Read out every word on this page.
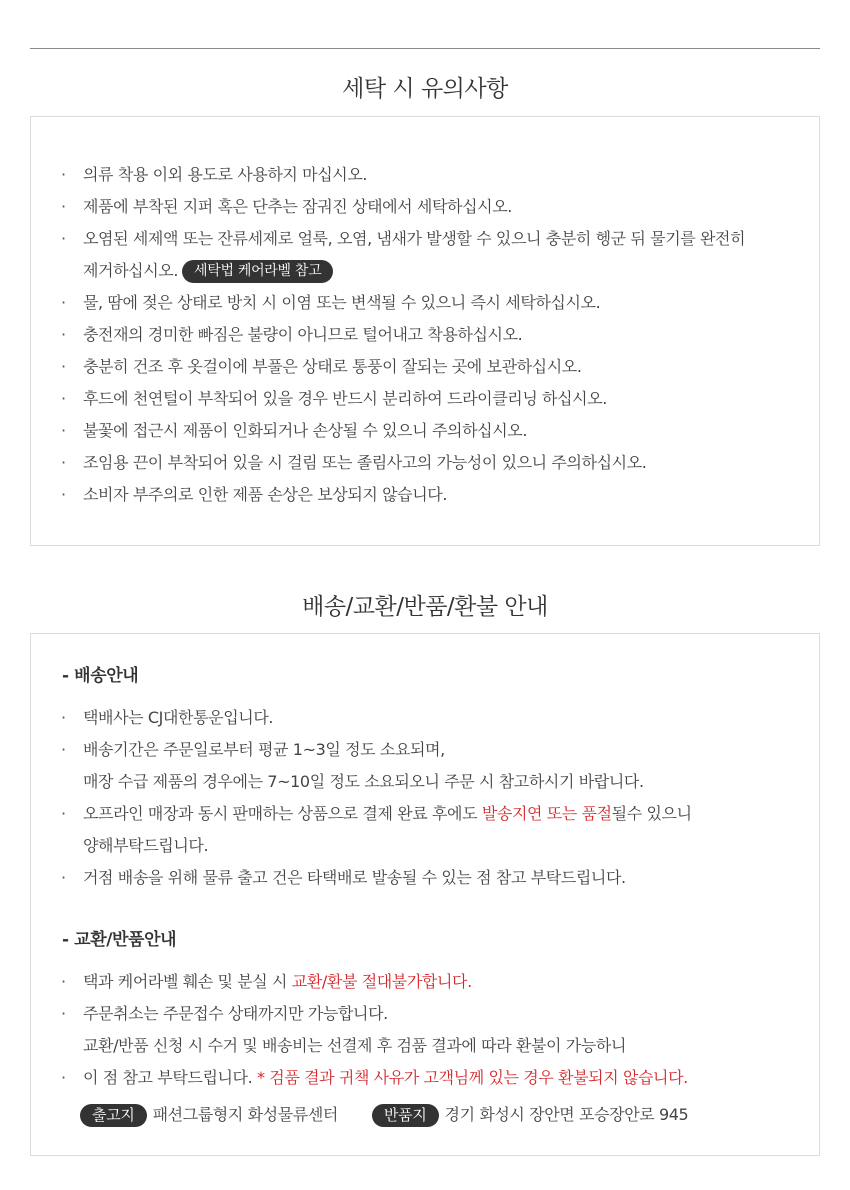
세탁 시 유의사항
· 의류 착용 이외 용도로 사용하지 마십시오.
· 제품에 부착된 지퍼 혹은 단추는 잠궈진 상태에서 세탁하십시오.
· 오염된 세제액 또는 잔류세제로 얼룩, 오염, 냄새가 발생할 수 있으니 충분히 헹군 뒤 물기를 완전히
제거하십시오. 세탁법 케어라벨 참고
· 물, 땀에 젖은 상태로 방치 시 이염 또는 변색될 수 있으니 즉시 세탁하십시오.
· 충전재의 경미한 빠짐은 불량이 아니므로 털어내고 착용하십시오.
· 충분히 건조 후 옷걸이에 부풀은 상태로 통풍이 잘되는 곳에 보관하십시오.
· 후드에 천연털이 부착되어 있을 경우 반드시 분리하여 드라이클리닝 하십시오.
· 불꽃에 접근시 제품이 인화되거나 손상될 수 있으니 주의하십시오.
· 조임용 끈이 부착되어 있을 시 걸림 또는 졸림사고의 가능성이 있으니 주의하십시오.
· 소비자 부주의로 인한 제품 손상은 보상되지 않습니다.
배송/교환/반품/환불 안내
- 배송안내
· 택배사는 CJ대한통운입니다.
· 배송기간은 주문일로부터 평균 1~3일 정도 소요되며,
매장 수급 제품의 경우에는 7~10일 정도 소요되오니 주문 시 참고하시기 바랍니다.
· 오프라인 매장과 동시 판매하는 상품으로 결제 완료 후에도 발송지연 또는 품절될수 있으니
양해부탁드립니다.
· 거점 배송을 위해 물류 출고 건은 타택배로 발송될 수 있는 점 참고 부탁드립니다.
- 교환/반품안내
· 택과 케어라벨 훼손 및 분실 시 교환/환불 절대불가합니다.
· 주문취소는 주문접수 상태까지만 가능합니다.
교환/반품 신청 시 수거 및 배송비는 선결제 후 검품 결과에 따라 환불이 가능하니
· 이 점 참고 부탁드립니다. * 검품 결과 귀책 사유가 고객님께 있는 경우 환불되지 않습니다.
출고지 패션그룹형지 화성물류센터	반품지 경기 화성시 장안면 포승장안로 945
